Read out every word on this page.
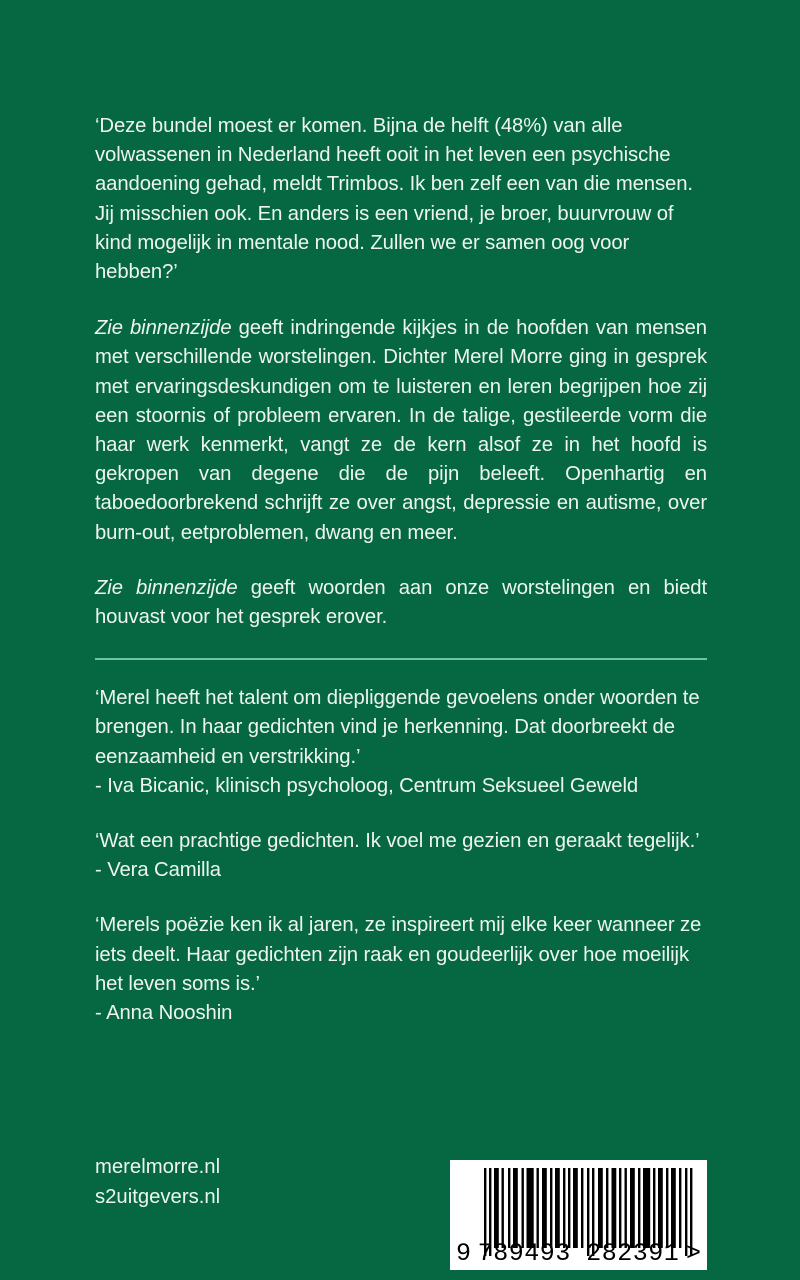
‘Deze bundel moest er komen. Bijna de helft (48%) van alle volwassenen in Nederland heeft ooit in het leven een psychische aandoening gehad, meldt Trimbos. Ik ben zelf een van die mensen. Jij misschien ook. En anders is een vriend, je broer, buurvrouw of kind mogelijk in mentale nood. Zullen we er samen oog voor hebben?’

Zie binnenzijde geeft indringende kijkjes in de hoofden van mensen met verschillende worstelingen. Dichter Merel Morre ging in gesprek met ervaringsdeskundigen om te luisteren en leren begrijpen hoe zij een stoornis of probleem ervaren. In de talige, gestileerde vorm die haar werk kenmerkt, vangt ze de kern alsof ze in het hoofd is gekropen van degene die de pijn beleeft. Openhartig en taboedoorbrekend schrijft ze over angst, depressie en autisme, over burn-out, eetproblemen, dwang en meer.

Zie binnenzijde geeft woorden aan onze worstelingen en biedt houvast voor het gesprek erover.

‘Merel heeft het talent om diepliggende gevoelens onder woorden te brengen. In haar gedichten vind je herkenning. Dat doorbreekt de eenzaamheid en verstrikking.’
- Iva Bicanic, klinisch psycholoog, Centrum Seksueel Geweld
‘Wat een prachtige gedichten. Ik voel me gezien en geraakt tegelijk.’
- Vera Camilla
‘Merels poëzie ken ik al jaren, ze inspireert mij elke keer wanneer ze iets deelt. Haar gedichten zijn raak en goudeerlijk over hoe moeilijk het leven soms is.’
- Anna Nooshin
merelmorre.nl
s2uitgevers.nl
9 789493 282391 >
